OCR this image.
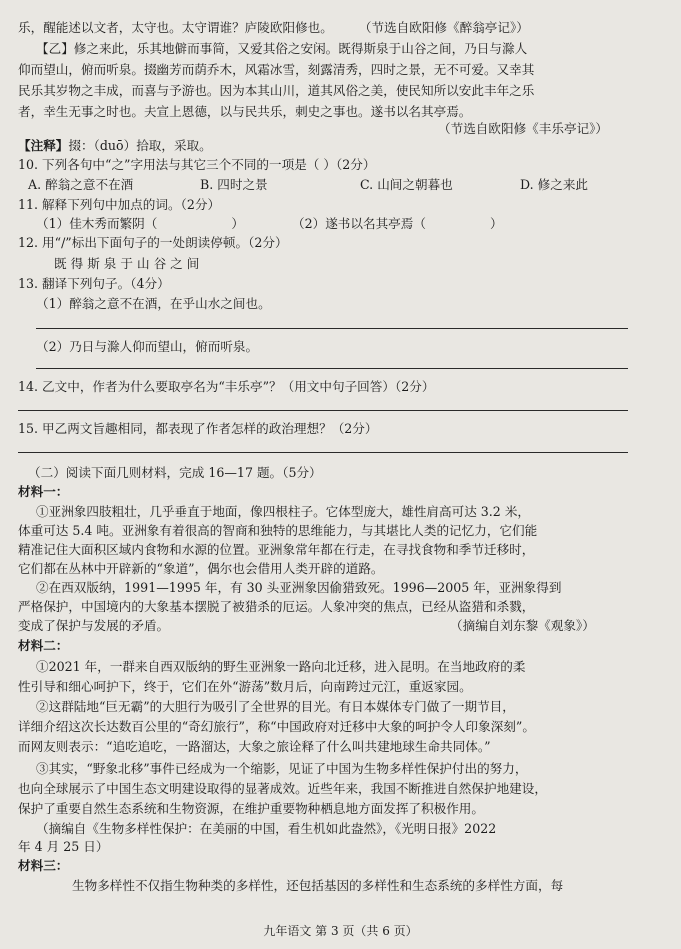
乐，醒能述以文者，太守也。太守谓谁？庐陵欧阳修也。 （节选自欧阳修《醉翁亭记》）
【乙】修之来此，乐其地僻而事简，又爱其俗之安闲。既得斯泉于山谷之间，乃日与滁人
仰而望山，俯而听泉。掇幽芳而荫乔木，风霜冰雪，刻露清秀，四时之景，无不可爱。又幸其
民乐其岁物之丰成，而喜与予游也。因为本其山川，道其风俗之美，使民知所以安此丰年之乐
者，幸生无事之时也。夫宣上恩德，以与民共乐，刺史之事也。遂书以名其亭焉。
（节选自欧阳修《丰乐亭记》）
【注释】掇：（duō）拾取，采取。
10. 下列各句中“之”字用法与其它三个不同的一项是（ ）（2分）
A. 醉翁之意不在酒	B. 四时之景	C. 山间之朝暮也	D. 修之来此
11. 解释下列句中加点的词。（2分）
（1）佳木秀而繁阴（	）	（2）遂书以名其亭焉（	）
12. 用“/”标出下面句子的一处朗读停顿。（2分）
既 得 斯 泉 于 山 谷 之 间
13. 翻译下列句子。（4分）
（1）醉翁之意不在酒，在乎山水之间也。
（2）乃日与滁人仰而望山，俯而听泉。
14. 乙文中，作者为什么要取亭名为“丰乐亭”？（用文中句子回答）（2分）
15. 甲乙两文旨趣相同，都表现了作者怎样的政治理想？（2分）
（二）阅读下面几则材料，完成 16—17 题。（5分）
材料一：
①亚洲象四肢粗壮，几乎垂直于地面，像四根柱子。它体型庞大，雄性肩高可达 3.2 米，
体重可达 5.4 吨。亚洲象有着很高的智商和独特的思维能力，与其堪比人类的记忆力，它们能
精准记住大面积区域内食物和水源的位置。亚洲象常年都在行走，在寻找食物和季节迁移时，
它们都在丛林中开辟新的“象道”，偶尔也会借用人类开辟的道路。
②在西双版纳，1991—1995 年，有 30 头亚洲象因偷猎致死。1996—2005 年，亚洲象得到
严格保护，中国境内的大象基本摆脱了被猎杀的厄运。人象冲突的焦点，已经从盗猎和杀戮，
变成了保护与发展的矛盾。	（摘编自刘东黎《观象》）
材料二：
①2021 年，一群来自西双版纳的野生亚洲象一路向北迁移，进入昆明。在当地政府的柔
性引导和细心呵护下，终于，它们在外“游荡”数月后，向南跨过元江，重返家园。
②这群陆地“巨无霸”的大胆行为吸引了全世界的目光。有日本媒体专门做了一期节目，
详细介绍这次长达数百公里的“奇幻旅行”，称“中国政府对迁移中大象的呵护令人印象深刻”。
而网友则表示：“追吃追吃，一路溜达，大象之旅诠释了什么叫共建地球生命共同体。”
③其实，“野象北移”事件已经成为一个缩影，见证了中国为生物多样性保护付出的努力，
也向全球展示了中国生态文明建设取得的显著成效。近些年来，我国不断推进自然保护地建设，
保护了重要自然生态系统和生物资源，在维护重要物种栖息地方面发挥了积极作用。
（摘编自《生物多样性保护：在美丽的中国，看生机如此盎然》，《光明日报》2022
年 4 月 25 日）
材料三：
生物多样性不仅指生物种类的多样性，还包括基因的多样性和生态系统的多样性方面，每
九年语文 第 3 页（共 6 页）
